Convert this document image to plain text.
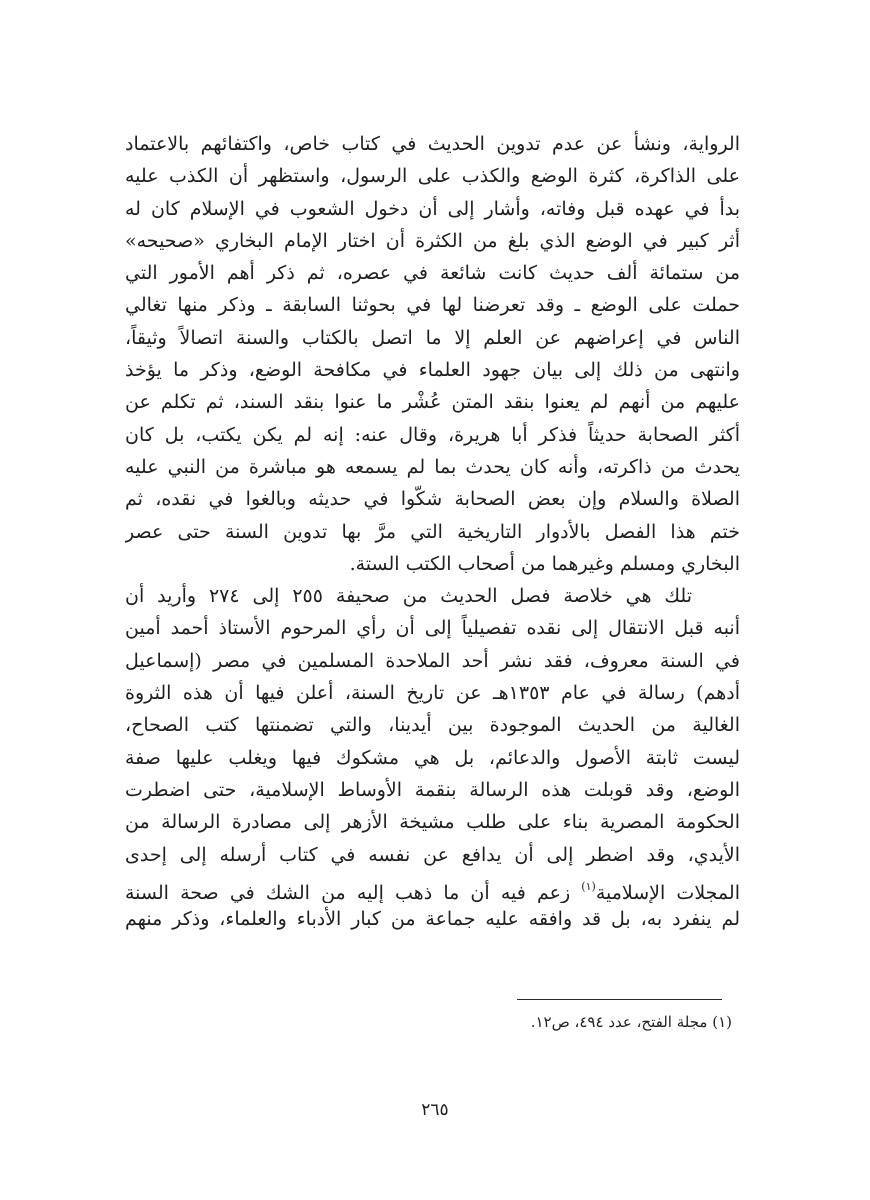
الرواية، ونشأ عن عدم تدوين الحديث في كتاب خاص، واكتفائهم بالاعتماد
على الذاكرة، كثرة الوضع والكذب على الرسول، واستظهر أن الكذب عليه
بدأ في عهده قبل وفاته، وأشار إلى أن دخول الشعوب في الإسلام كان له
أثر كبير في الوضع الذي بلغ من الكثرة أن اختار الإمام البخاري «صحيحه»
من ستمائة ألف حديث كانت شائعة في عصره، ثم ذكر أهم الأمور التي
حملت على الوضع ـ وقد تعرضنا لها في بحوثنا السابقة ـ وذكر منها تغالي
الناس في إعراضهم عن العلم إلا ما اتصل بالكتاب والسنة اتصالاً وثيقاً،
وانتهى من ذلك إلى بيان جهود العلماء في مكافحة الوضع، وذكر ما يؤخذ
عليهم من أنهم لم يعنوا بنقد المتن عُشْر ما عنوا بنقد السند، ثم تكلم عن
أكثر الصحابة حديثاً فذكر أبا هريرة، وقال عنه: إنه لم يكن يكتب، بل كان
يحدث من ذاكرته، وأنه كان يحدث بما لم يسمعه هو مباشرة من النبي عليه
الصلاة والسلام وإن بعض الصحابة شكّوا في حديثه وبالغوا في نقده، ثم
ختم هذا الفصل بالأدوار التاريخية التي مرَّ بها تدوين السنة حتى عصر
البخاري ومسلم وغيرهما من أصحاب الكتب الستة.
تلك هي خلاصة فصل الحديث من صحيفة ٢٥٥ إلى ٢٧٤ وأريد أن
أنبه قبل الانتقال إلى نقده تفصيلياً إلى أن رأي المرحوم الأستاذ أحمد أمين
في السنة معروف، فقد نشر أحد الملاحدة المسلمين في مصر (إسماعيل
أدهم) رسالة في عام ١٣٥٣هـ عن تاريخ السنة، أعلن فيها أن هذه الثروة
الغالية من الحديث الموجودة بين أيدينا، والتي تضمنتها كتب الصحاح،
ليست ثابتة الأصول والدعائم، بل هي مشكوك فيها ويغلب عليها صفة
الوضع، وقد قوبلت هذه الرسالة بنقمة الأوساط الإسلامية، حتى اضطرت
الحكومة المصرية بناء على طلب مشيخة الأزهر إلى مصادرة الرسالة من
الأيدي، وقد اضطر إلى أن يدافع عن نفسه في كتاب أرسله إلى إحدى
المجلات الإسلامية$^{(١)}$ زعم فيه أن ما ذهب إليه من الشك في صحة السنة
لم ينفرد به، بل قد وافقه عليه جماعة من كبار الأدباء والعلماء، وذكر منهم
(١) مجلة الفتح، عدد ٤٩٤، ص١٢.
٢٦٥
